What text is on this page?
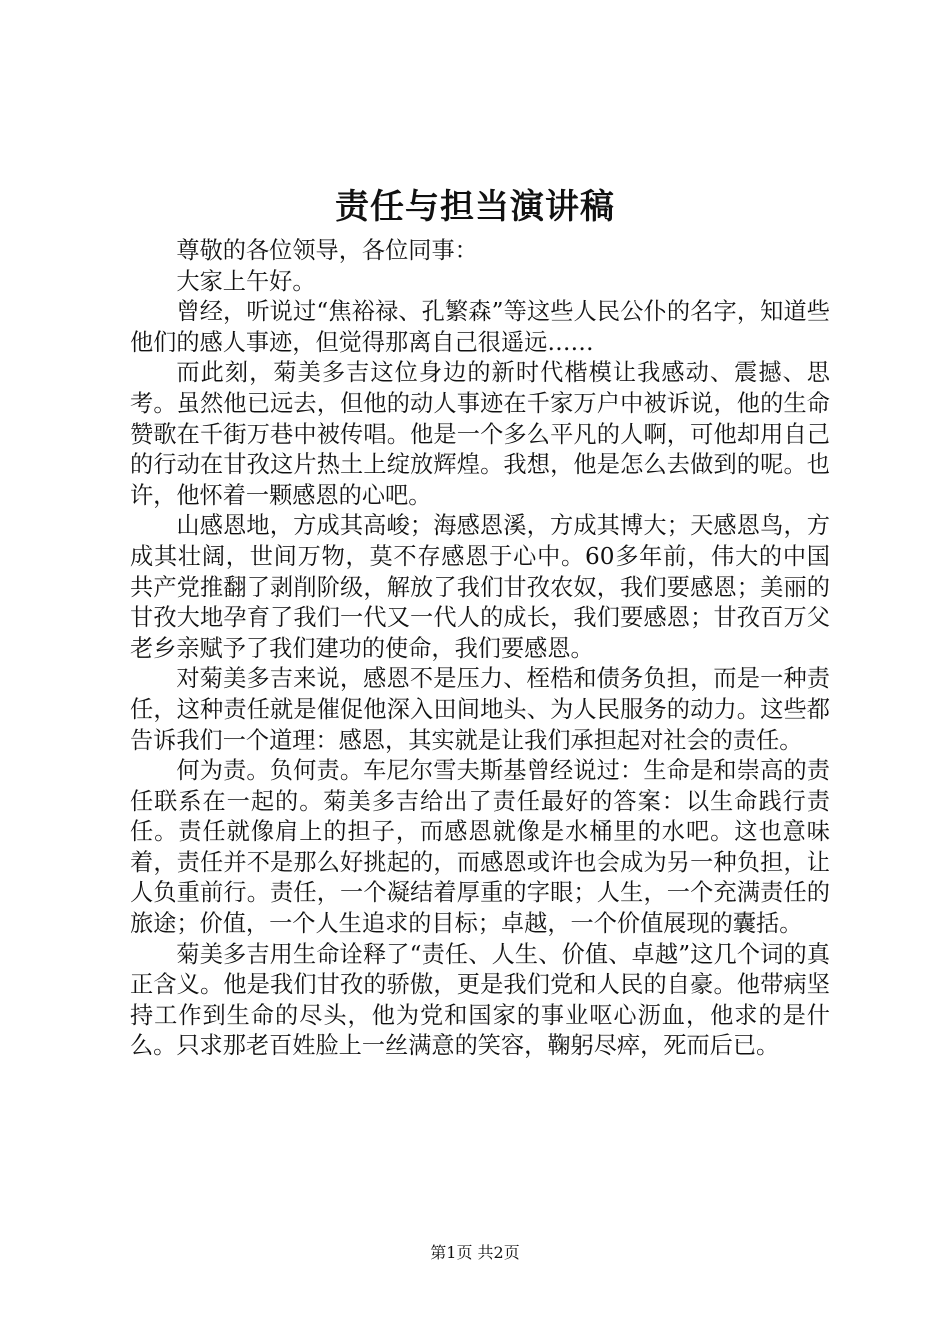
责任与担当演讲稿

尊敬的各位领导，各位同事：

大家上午好。

曾经，听说过“焦裕禄、孔繁森”等这些人民公仆的名字，知道些他们的感人事迹，但觉得那离自己很遥远……

而此刻，菊美多吉这位身边的新时代楷模让我感动、震撼、思考。虽然他已远去，但他的动人事迹在千家万户中被诉说，他的生命赞歌在千街万巷中被传唱。他是一个多么平凡的人啊，可他却用自己的行动在甘孜这片热土上绽放辉煌。我想，他是怎么去做到的呢。也许，他怀着一颗感恩的心吧。

山感恩地，方成其高峻；海感恩溪，方成其博大；天感恩鸟，方成其壮阔，世间万物，莫不存感恩于心中。60多年前，伟大的中国共产党推翻了剥削阶级，解放了我们甘孜农奴，我们要感恩；美丽的甘孜大地孕育了我们一代又一代人的成长，我们要感恩；甘孜百万父老乡亲赋予了我们建功的使命，我们要感恩。

对菊美多吉来说，感恩不是压力、桎梏和债务负担，而是一种责任，这种责任就是催促他深入田间地头、为人民服务的动力。这些都告诉我们一个道理：感恩，其实就是让我们承担起对社会的责任。

何为责。负何责。车尼尔雪夫斯基曾经说过：生命是和崇高的责任联系在一起的。菊美多吉给出了责任最好的答案：以生命践行责任。责任就像肩上的担子，而感恩就像是水桶里的水吧。这也意味着，责任并不是那么好挑起的，而感恩或许也会成为另一种负担，让人负重前行。责任，一个凝结着厚重的字眼；人生，一个充满责任的旅途；价值，一个人生追求的目标；卓越，一个价值展现的囊括。

菊美多吉用生命诠释了“责任、人生、价值、卓越”这几个词的真正含义。他是我们甘孜的骄傲，更是我们党和人民的自豪。他带病坚持工作到生命的尽头，他为党和国家的事业呕心沥血，他求的是什么。只求那老百姓脸上一丝满意的笑容，鞠躬尽瘁，死而后已。

第1页 共2页
